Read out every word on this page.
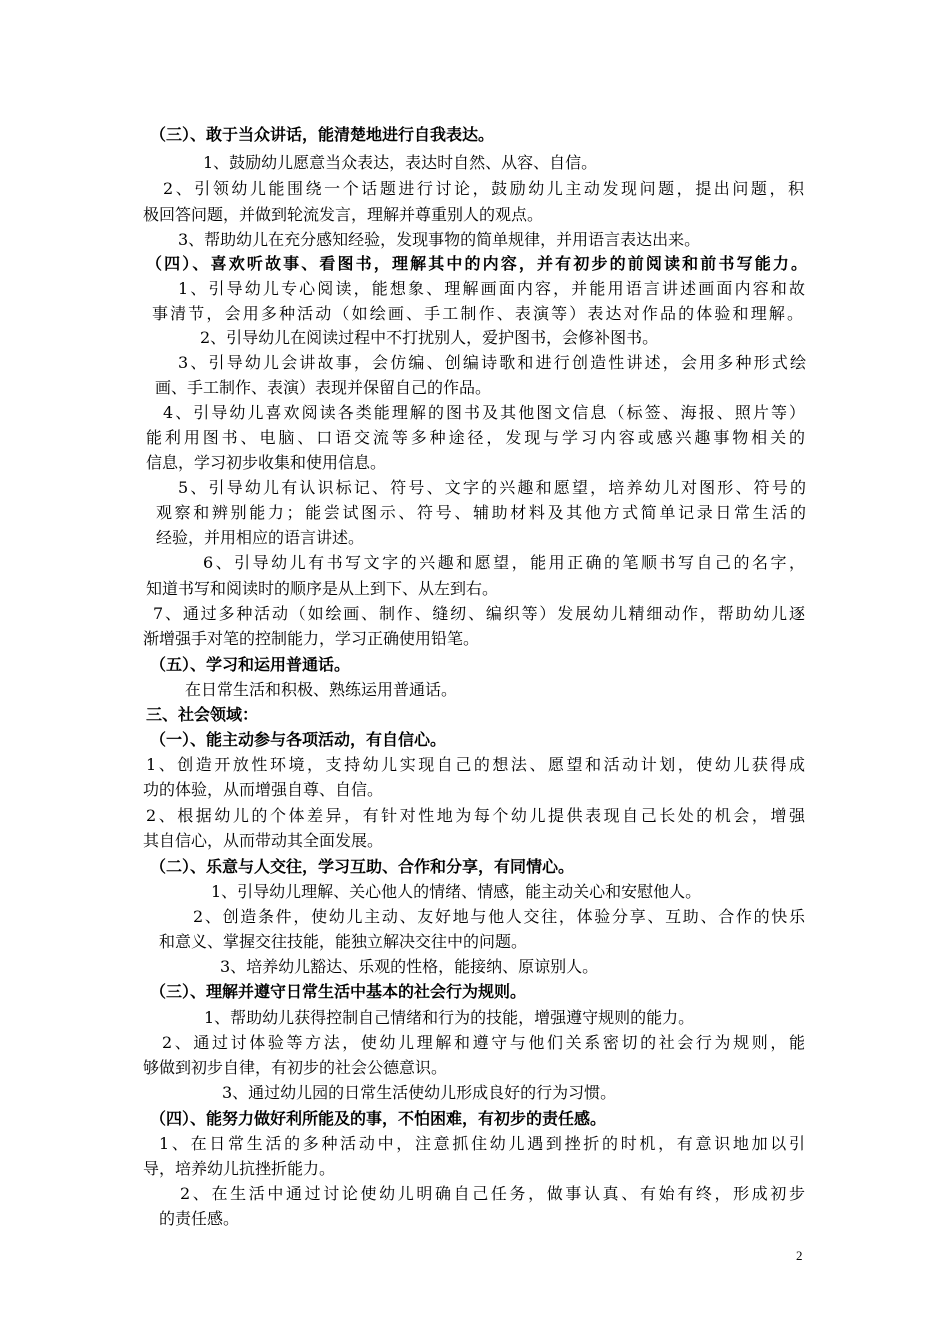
（三）、敢于当众讲话，能清楚地进行自我表达。
1、鼓励幼儿愿意当众表达，表达时自然、从容、自信。
2、引领幼儿能围绕一个话题进行讨论，鼓励幼儿主动发现问题，提出问题，积
极回答问题，并做到轮流发言，理解并尊重别人的观点。
3、帮助幼儿在充分感知经验，发现事物的简单规律，并用语言表达出来。
（四）、喜欢听故事、看图书，理解其中的内容，并有初步的前阅读和前书写能力。
1、引导幼儿专心阅读，能想象、理解画面内容，并能用语言讲述画面内容和故
事清节，会用多种活动（如绘画、手工制作、表演等）表达对作品的体验和理解。
2、引导幼儿在阅读过程中不打扰别人，爱护图书，会修补图书。
3、引导幼儿会讲故事，会仿编、创编诗歌和进行创造性讲述，会用多种形式绘
画、手工制作、表演）表现并保留自己的作品。
4、引导幼儿喜欢阅读各类能理解的图书及其他图文信息（标签、海报、照片等）
能利用图书、电脑、口语交流等多种途径，发现与学习内容或感兴趣事物相关的
信息，学习初步收集和使用信息。
5、引导幼儿有认识标记、符号、文字的兴趣和愿望，培养幼儿对图形、符号的
观察和辨别能力；能尝试图示、符号、辅助材料及其他方式简单记录日常生活的
经验，并用相应的语言讲述。
6、引导幼儿有书写文字的兴趣和愿望，能用正确的笔顺书写自己的名字，
知道书写和阅读时的顺序是从上到下、从左到右。
7、通过多种活动（如绘画、制作、缝纫、编织等）发展幼儿精细动作，帮助幼儿逐
渐增强手对笔的控制能力，学习正确使用铅笔。
（五）、学习和运用普通话。
在日常生活和积极、熟练运用普通话。
三、社会领域：
（一）、能主动参与各项活动，有自信心。
1、创造开放性环境，支持幼儿实现自己的想法、愿望和活动计划，使幼儿获得成
功的体验，从而增强自尊、自信。
2、根据幼儿的个体差异，有针对性地为每个幼儿提供表现自己长处的机会，增强
其自信心，从而带动其全面发展。
（二）、乐意与人交往，学习互助、合作和分享，有同情心。
1、引导幼儿理解、关心他人的情绪、情感，能主动关心和安慰他人。
2、创造条件，使幼儿主动、友好地与他人交往，体验分享、互助、合作的快乐
和意义、掌握交往技能，能独立解决交往中的问题。
3、培养幼儿豁达、乐观的性格，能接纳、原谅别人。
（三）、理解并遵守日常生活中基本的社会行为规则。
1、帮助幼儿获得控制自己情绪和行为的技能，增强遵守规则的能力。
2、通过讨体验等方法，使幼儿理解和遵守与他们关系密切的社会行为规则，能
够做到初步自律，有初步的社会公德意识。
3、通过幼儿园的日常生活使幼儿形成良好的行为习惯。
（四）、能努力做好利所能及的事，不怕困难，有初步的责任感。
1、在日常生活的多种活动中，注意抓住幼儿遇到挫折的时机，有意识地加以引
导，培养幼儿抗挫折能力。
2、在生活中通过讨论使幼儿明确自己任务，做事认真、有始有终，形成初步
的责任感。
2
